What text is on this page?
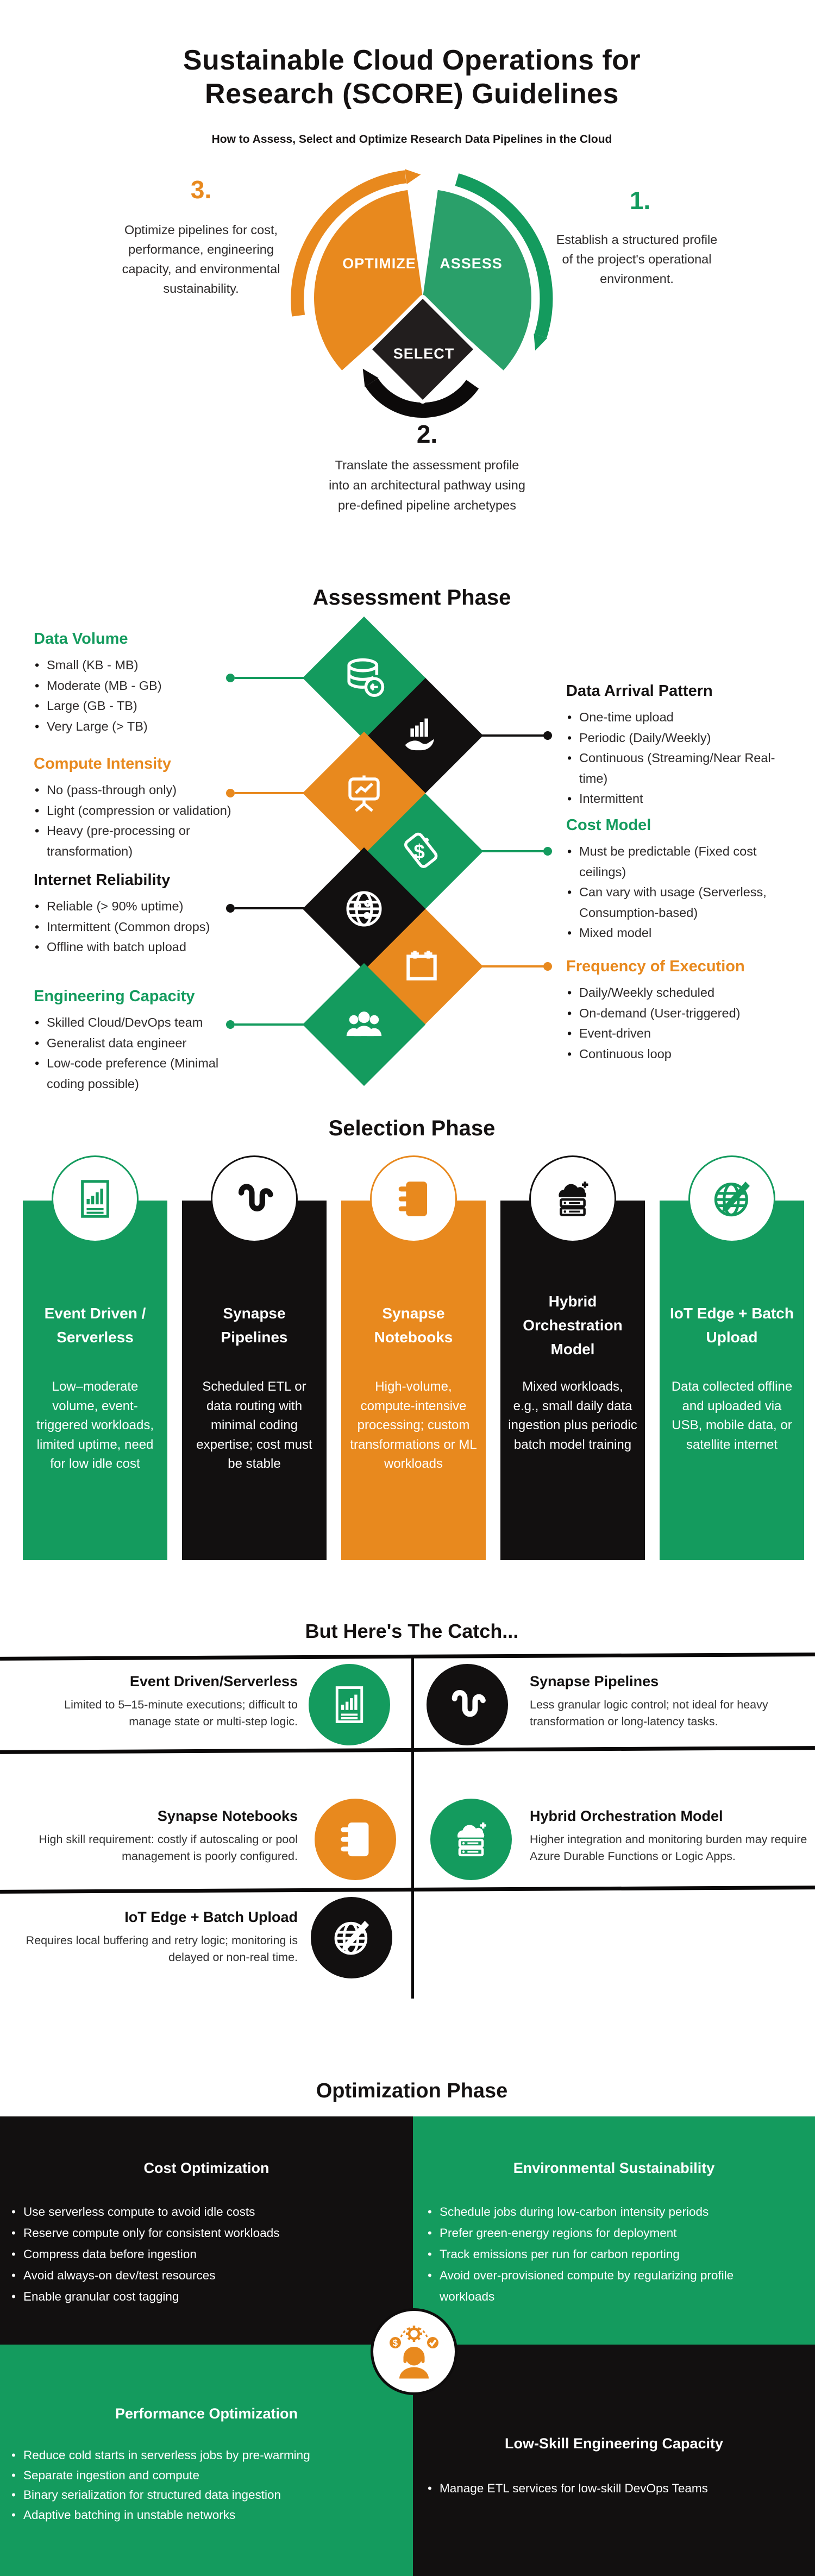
Sustainable Cloud Operations for
Research (SCORE) Guidelines
How to Assess, Select and Optimize Research Data Pipelines in the Cloud
OPTIMIZE ASSESS
SELECT
3.
Optimize pipelines for cost, performance, engineering capacity, and environmental sustainability.
1.
Establish a structured profile of the project's operational environment.
2.
Translate the assessment profile into an architectural pathway using pre-defined pipeline archetypes
Assessment Phase
Data Volume
• Small (KB - MB)
• Moderate (MB - GB)
• Large (GB - TB)
• Very Large (> TB)
Compute Intensity
• No (pass-through only)
• Light (compression or validation)
• Heavy (pre-processing or transformation)
Internet Reliability
• Reliable (> 90% uptime)
• Intermittent (Common drops)
• Offline with batch upload
Engineering Capacity
• Skilled Cloud/DevOps team
• Generalist data engineer
• Low-code preference (Minimal coding possible)
Data Arrival Pattern
• One-time upload
• Periodic (Daily/Weekly)
• Continuous (Streaming/Near Real-time)
• Intermittent
Cost Model
• Must be predictable (Fixed cost ceilings)
• Can vary with usage (Serverless, Consumption-based)
• Mixed model
Frequency of Execution
• Daily/Weekly scheduled
• On-demand (User-triggered)
• Event-driven
• Continuous loop
Selection Phase
Event Driven / Serverless
Low–moderate volume, event-triggered workloads, limited uptime, need for low idle cost
Synapse Pipelines
Scheduled ETL or data routing with minimal coding expertise; cost must be stable
Synapse Notebooks
High-volume, compute-intensive processing; custom transformations or ML workloads
Hybrid Orchestration Model
Mixed workloads, e.g., small daily data ingestion plus periodic batch model training
IoT Edge + Batch Upload
Data collected offline and uploaded via USB, mobile data, or satellite internet
But Here's The Catch...
Event Driven/Serverless

Limited to 5–15-minute executions; difficult to manage state or multi-step logic.

Synapse Pipelines

Less granular logic control; not ideal for heavy transformation or long-latency tasks.

Synapse Notebooks

High skill requirement: costly if autoscaling or pool management is poorly configured.

Hybrid Orchestration Model

Higher integration and monitoring burden may require Azure Durable Functions or Logic Apps.

IoT Edge + Batch Upload

Requires local buffering and retry logic; monitoring is delayed or non-real time.

Optimization Phase
Cost Optimization
• Use serverless compute to avoid idle costs
• Reserve compute only for consistent workloads
• Compress data before ingestion
• Avoid always-on dev/test resources
• Enable granular cost tagging
Environmental Sustainability
• Schedule jobs during low-carbon intensity periods
• Prefer green-energy regions for deployment
• Track emissions per run for carbon reporting
• Avoid over-provisioned compute by regularizing profile workloads
Performance Optimization
• Reduce cold starts in serverless jobs by pre-warming
• Separate ingestion and compute
• Binary serialization for structured data ingestion
• Adaptive batching in unstable networks
Low-Skill Engineering Capacity
• Manage ETL services for low-skill DevOps Teams
